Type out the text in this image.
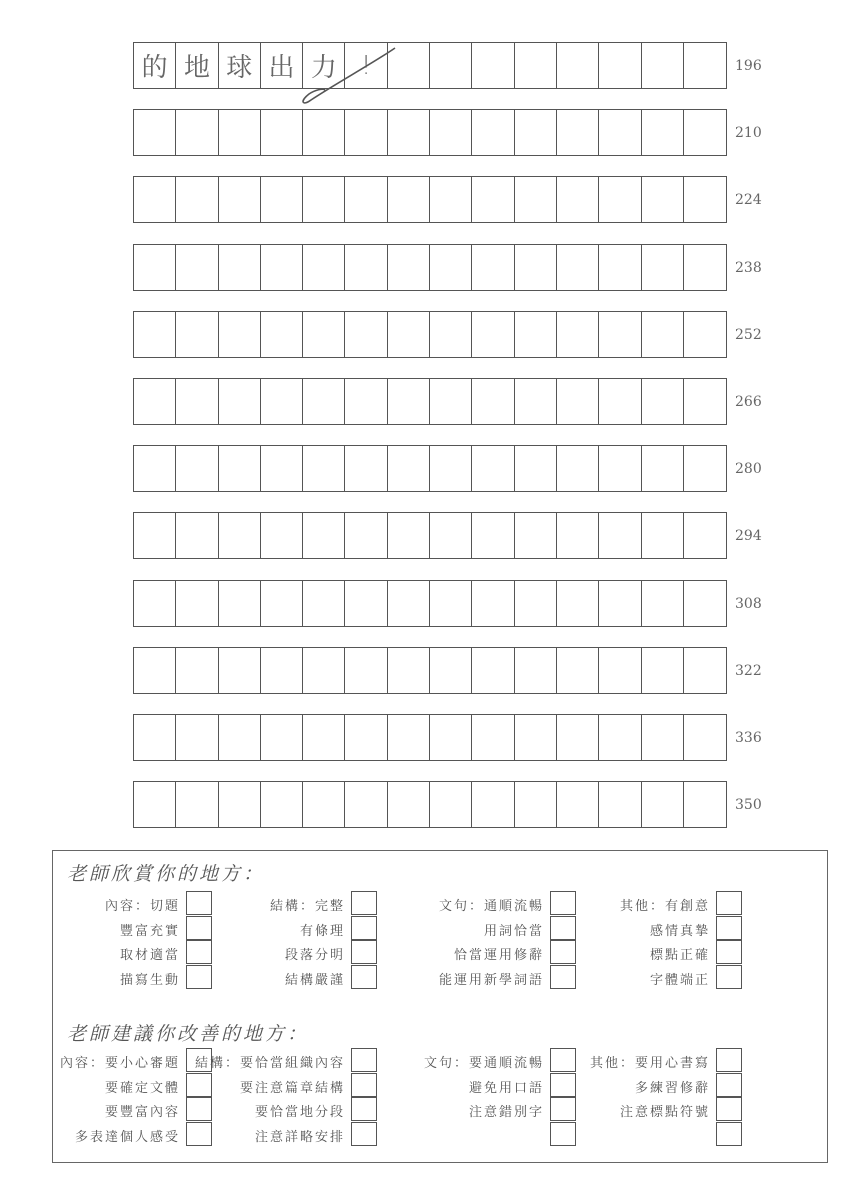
的 地 球 出 力 !
老師欣賞你的地方：
內容：切題
豐富充實
取材適當
描寫生動
結構：完整
有條理
段落分明
結構嚴謹
文句：通順流暢
用詞恰當
恰當運用修辭
能運用新學詞語
其他：有創意
感情真摯
標點正確
字體端正
老師建議你改善的地方：
內容：要小心審題
要確定文體
要豐富內容
多表達個人感受
結構：要恰當組織內容
要注意篇章結構
要恰當地分段
注意詳略安排
文句：要通順流暢
避免用口語
注意錯別字
其他：要用心書寫
多練習修辭
注意標點符號
196
210
224
238
252
266
280
294
308
322
336
350
